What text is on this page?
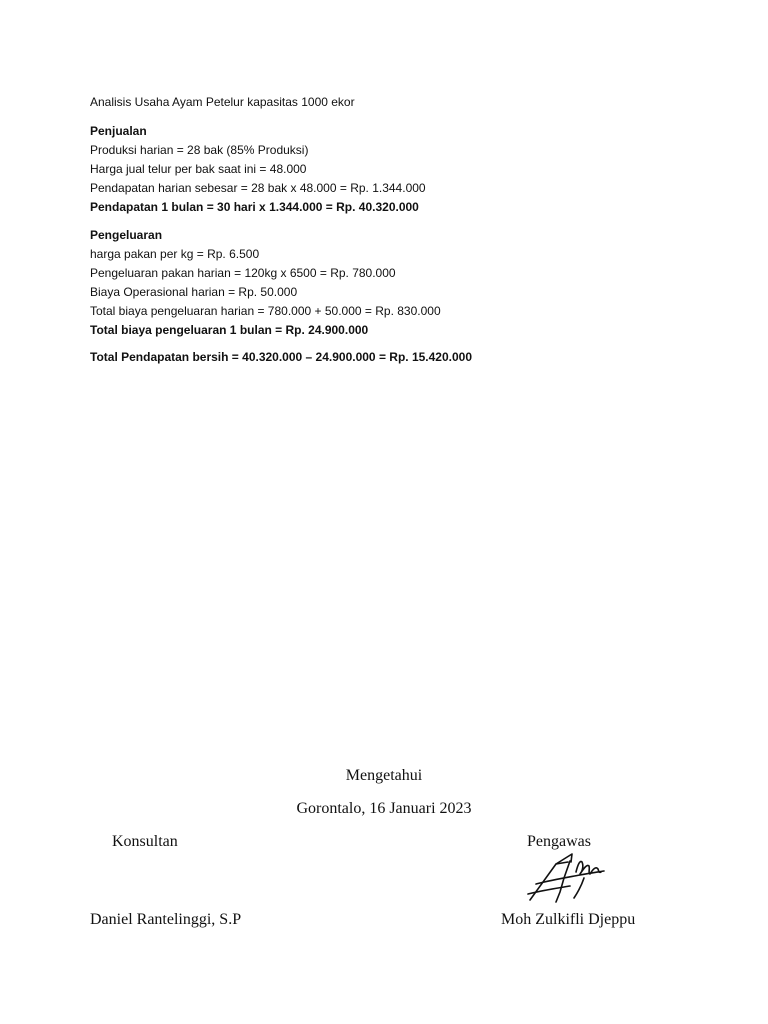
Analisis Usaha Ayam Petelur kapasitas 1000 ekor
Penjualan
Produksi harian = 28 bak (85% Produksi)
Harga jual telur per bak saat ini = 48.000
Pendapatan harian sebesar = 28 bak x 48.000 = Rp. 1.344.000
Pendapatan 1 bulan = 30 hari x 1.344.000 = Rp. 40.320.000
Pengeluaran
harga pakan per kg = Rp. 6.500
Pengeluaran pakan harian = 120kg x 6500 = Rp. 780.000
Biaya Operasional harian = Rp. 50.000
Total biaya pengeluaran harian = 780.000 + 50.000 = Rp. 830.000
Total biaya pengeluaran 1 bulan = Rp. 24.900.000
Total Pendapatan bersih = 40.320.000 – 24.900.000 = Rp. 15.420.000
Mengetahui
Gorontalo, 16 Januari 2023
Konsultan	Pengawas
Daniel Rantelinggi, S.P	Moh Zulkifli Djeppu
